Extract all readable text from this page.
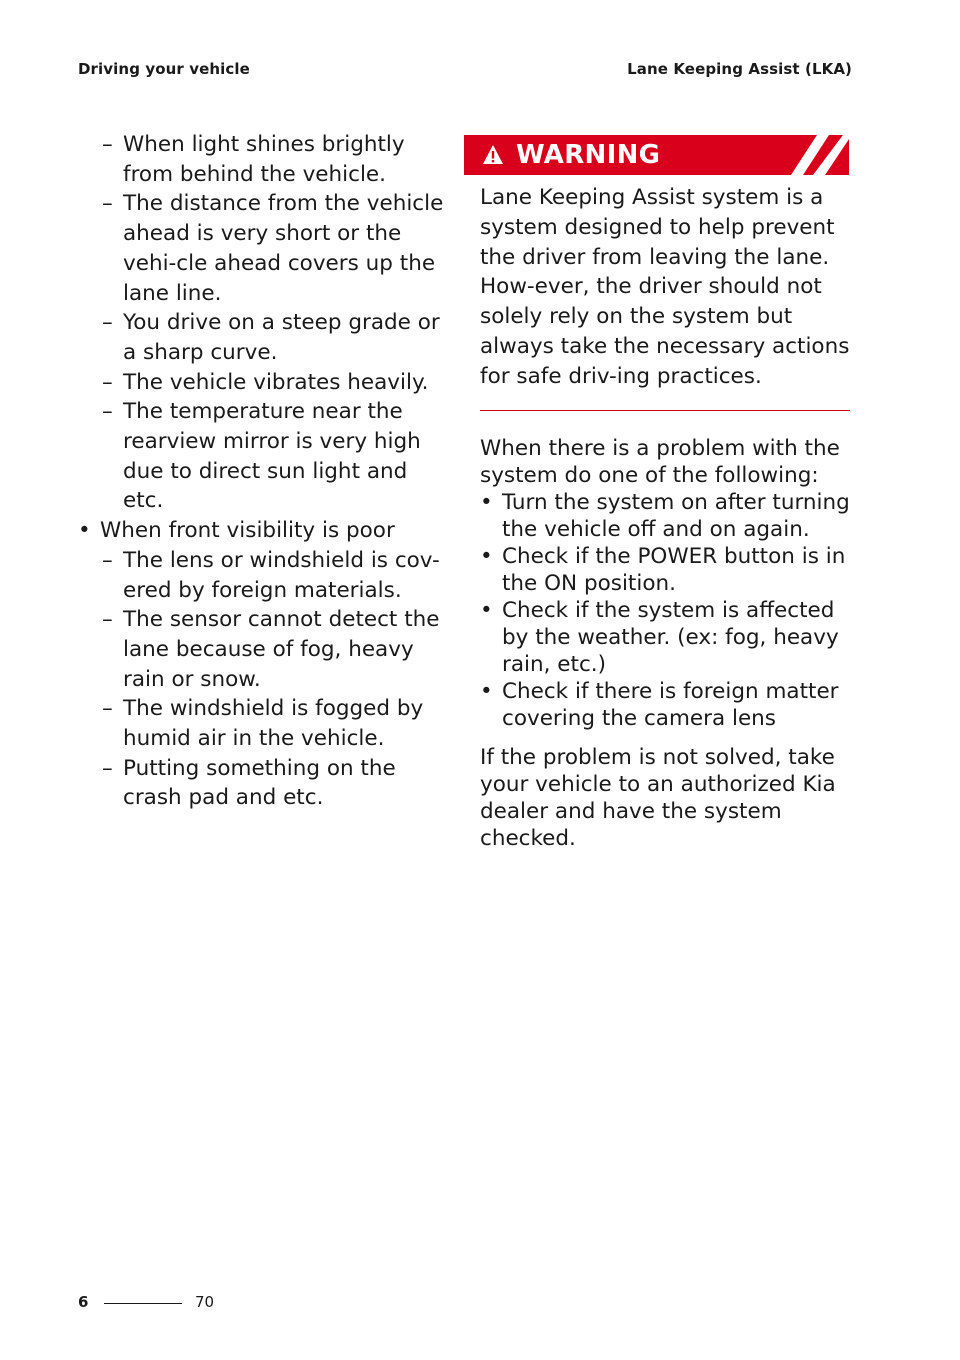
Driving your vehicle	Lane Keeping Assist (LKA)
– When light shines brightly from behind the vehicle.
– The distance from the vehicle ahead is very short or the vehi-cle ahead covers up the lane line.
– You drive on a steep grade or a sharp curve.
– The vehicle vibrates heavily.
– The temperature near the rearview mirror is very high due to direct sun light and etc.
• When front visibility is poor
– The lens or windshield is cov-ered by foreign materials.
– The sensor cannot detect the lane because of fog, heavy rain or snow.
– The windshield is fogged by humid air in the vehicle.
– Putting something on the crash pad and etc.
WARNING
Lane Keeping Assist system is a system designed to help prevent the driver from leaving the lane. How-ever, the driver should not solely rely on the system but always take the necessary actions for safe driv-ing practices.
When there is a problem with the system do one of the following:
• Turn the system on after turning the vehicle off and on again.
• Check if the POWER button is in the ON position.
• Check if the system is affected by the weather. (ex: fog, heavy rain, etc.)
• Check if there is foreign matter covering the camera lens
If the problem is not solved, take your vehicle to an authorized Kia dealer and have the system checked.
6	70
